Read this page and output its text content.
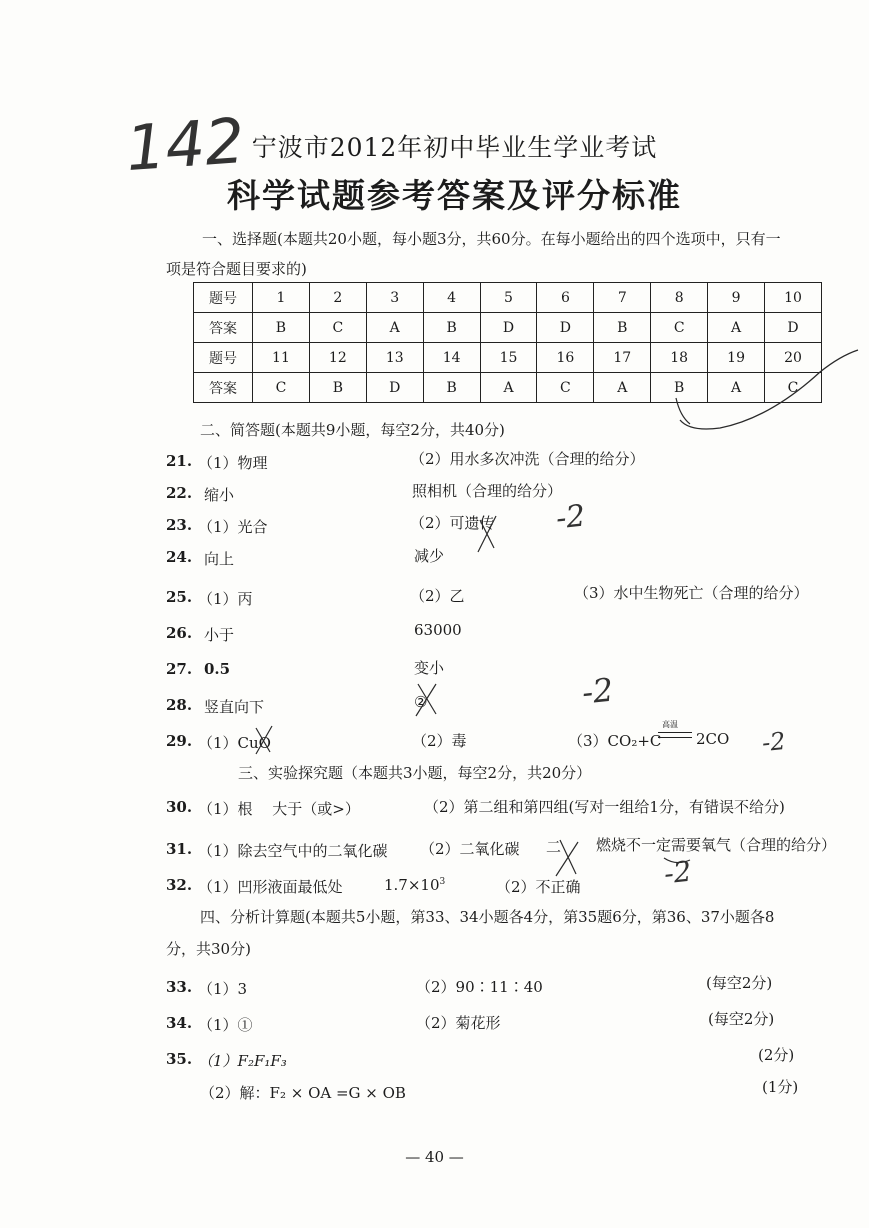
142 宁波市2012年初中毕业生学业考试
科学试题参考答案及评分标准
一、选择题(本题共20小题，每小题3分，共60分。在每小题给出的四个选项中，只有一
项是符合题目要求的)
题号	1	2	3	4	5	6	7	8	9	10
答案	B	C	A	B	D	D	B	C	A	D
题号	11	12	13	14	15	16	17	18	19	20
答案	C	B	D	B	A	C	A	B	A	C
二、简答题(本题共9小题，每空2分，共40分)
21. （1）物理	（2）用水多次冲洗（合理的给分）
22. 缩小	照相机（合理的给分）
23. （1）光合	（2）可遗传
24. 向上	减少
25. （1）丙	（2）乙	（3）水中生物死亡（合理的给分）
26. 小于	63000
27. 0.5	变小
28. 竖直向下	②
29. （1）CuO	（2）毒	（3）CO₂+C
高温
2CO
三、实验探究题（本题共3小题，每空2分，共20分）
30. （1）根　 大于（或>）	（2）第二组和第四组(写对一组给1分，有错误不给分)
31. （1）除去空气中的二氧化碳 （2）二氧化碳 二 燃烧不一定需要氧气（合理的给分）
32. （1）凹形液面最低处	$1.7\times 10^3$	（2）不正确
四、分析计算题(本题共5小题，第33、34小题各4分，第35题6分，第36、37小题各8
分，共30分)
33. （1）3	（2）90∶11∶40	(每空2分)
34. （1）①	（2）菊花形	(每空2分)
35. （1）F₂F₁F₃	(2分)
（2）解：F₂ × OA =G × OB	(1分)
— 40 —
-2
-2
-2
-2
